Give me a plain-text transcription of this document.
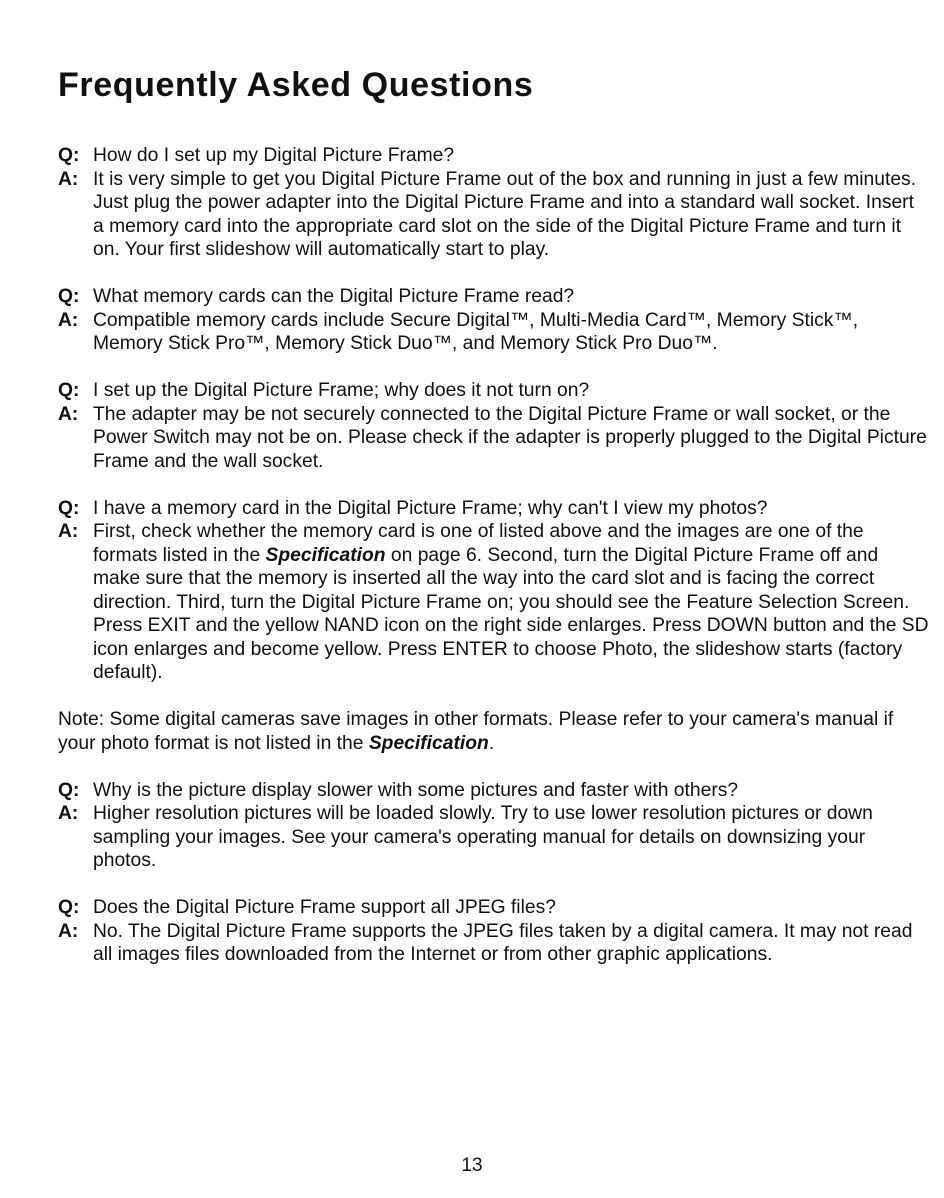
Frequently Asked Questions
Q: How do I set up my Digital Picture Frame?
A: It is very simple to get you Digital Picture Frame out of the box and running in just a few minutes. Just plug the power adapter into the Digital Picture Frame and into a standard wall socket. Insert a memory card into the appropriate card slot on the side of the Digital Picture Frame and turn it on. Your first slideshow will automatically start to play.
Q: What memory cards can the Digital Picture Frame read?
A: Compatible memory cards include Secure Digital™, Multi-Media Card™, Memory Stick™, Memory Stick Pro™, Memory Stick Duo™, and Memory Stick Pro Duo™.
Q: I set up the Digital Picture Frame; why does it not turn on?
A: The adapter may be not securely connected to the Digital Picture Frame or wall socket, or the Power Switch may not be on. Please check if the adapter is properly plugged to the Digital Picture Frame and the wall socket.
Q: I have a memory card in the Digital Picture Frame; why can't I view my photos?
A: First, check whether the memory card is one of listed above and the images are one of the formats listed in the Specification on page 6. Second, turn the Digital Picture Frame off and make sure that the memory is inserted all the way into the card slot and is facing the correct direction. Third, turn the Digital Picture Frame on; you should see the Feature Selection Screen. Press EXIT and the yellow NAND icon on the right side enlarges. Press DOWN button and the SD icon enlarges and become yellow. Press ENTER to choose Photo, the slideshow starts (factory default).

Note: Some digital cameras save images in other formats. Please refer to your camera's manual if your photo format is not listed in the Specification.

Q: Why is the picture display slower with some pictures and faster with others?
A: Higher resolution pictures will be loaded slowly. Try to use lower resolution pictures or down sampling your images. See your camera's operating manual for details on downsizing your photos.
Q: Does the Digital Picture Frame support all JPEG files?
A: No. The Digital Picture Frame supports the JPEG files taken by a digital camera. It may not read all images files downloaded from the Internet or from other graphic applications.
13
